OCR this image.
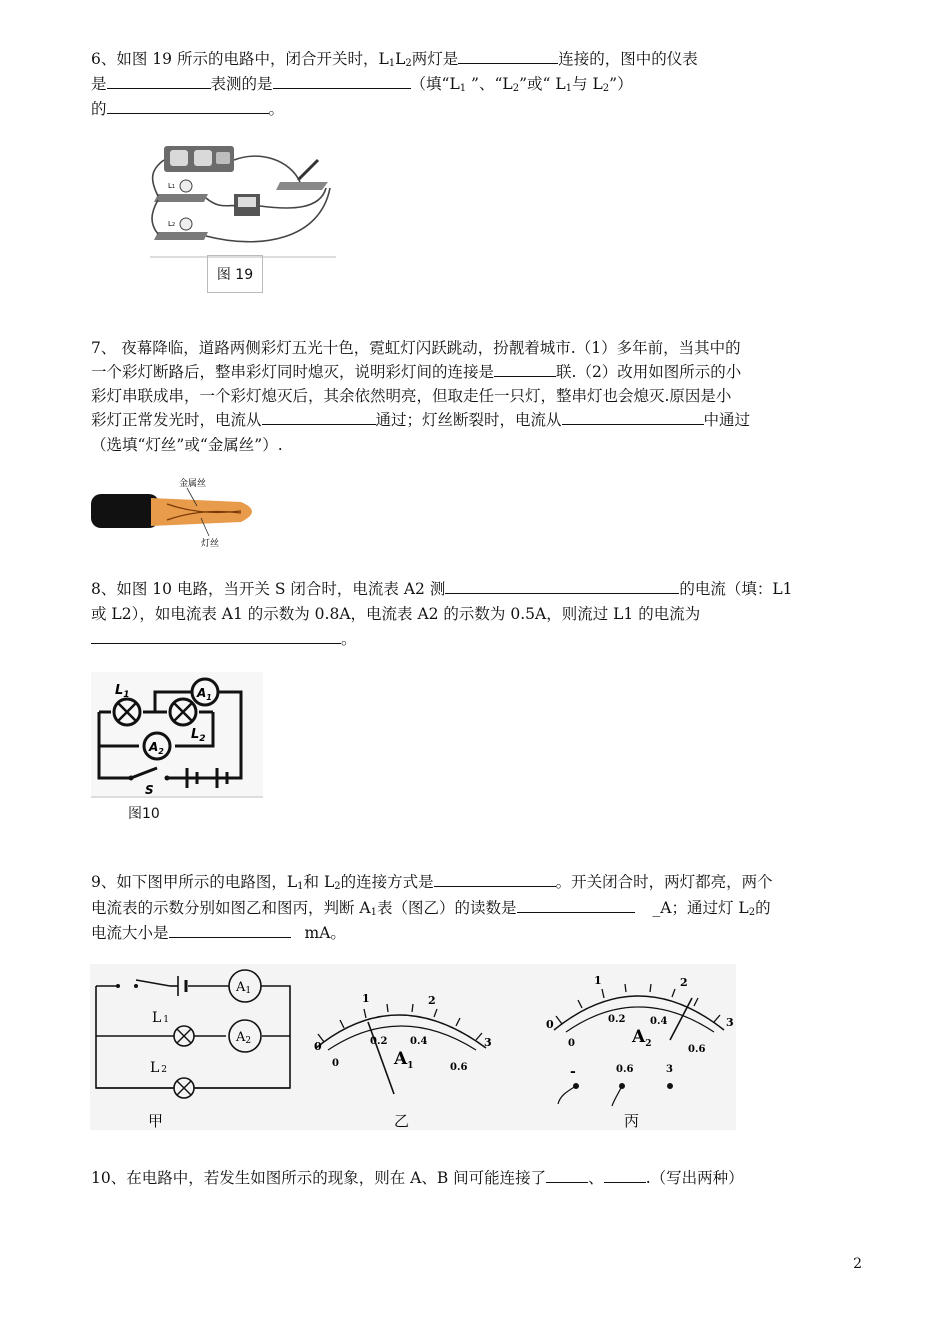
6、如图 19 所示的电路中，闭合开关时，$L_1L_2$两灯是	连接的，图中的仪表
是	表测的是	（填“$L_1$ ”、“$L_2$”或“ $L_1$与 $L_2$”）
的	。
L1
L2
图 19
7、 夜幕降临，道路两侧彩灯五光十色，霓虹灯闪跃跳动，扮靓着城市.（1）多年前，当其中的
一个彩灯断路后，整串彩灯同时熄灭，说明彩灯间的连接是	联.（2）改用如图所示的小
彩灯串联成串，一个彩灯熄灭后，其余依然明亮，但取走任一只灯，整串灯也会熄灭.原因是小
彩灯正常发光时，电流从	通过；灯丝断裂时，电流从	中通过
（选填“灯丝”或“金属丝”）.
金属丝
灯丝
8、如图 10 电路，当开关 S 闭合时，电流表 A2 测	的电流（填：L1
或 L2），如电流表 A1 的示数为 0.8A，电流表 A2 的示数为 0.5A，则流过 L1 的电流为
。
$A_1$
$A_2$
$L_1$
$L_2$
S
图10
9、如下图甲所示的电路图，$L_1$和 $L_2$的连接方式是	。开关闭合时，两灯都亮，两个
电流表的示数分别如图乙和图丙，判断 $A_1$表（图乙）的读数是	_A；通过灯 $L_2$的
电流大小是	mA。
A1
A2
L 1
L 2
0
1	2
3
0
0.2 0.4
0.6
$A_1$
0
1	2
3
0
0.2 0.4
0.6
$A_2$
-	0.6	3
甲	乙	丙
10、在电路中，若发生如图所示的现象，则在 A、B 间可能连接了	、	.（写出两种）
2
